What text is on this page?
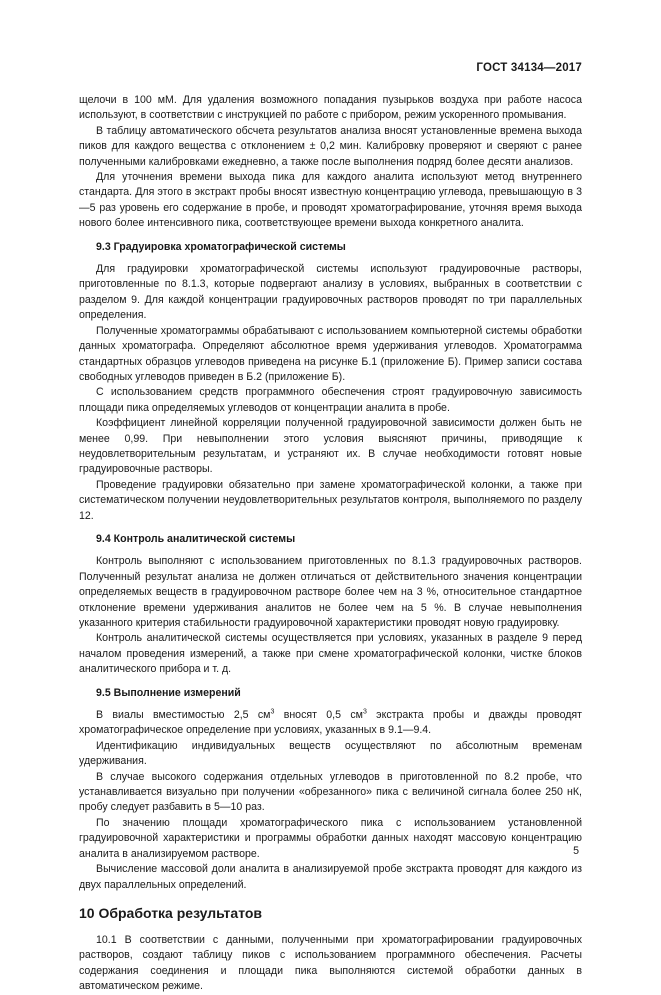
ГОСТ 34134—2017

щелочи в 100 мМ. Для удаления возможного попадания пузырьков воздуха при работе насоса используют, в соответствии с инструкцией по работе с прибором, режим ускоренного промывания.

В таблицу автоматического обсчета результатов анализа вносят установленные времена выхода пиков для каждого вещества с отклонением ± 0,2 мин. Калибровку проверяют и сверяют с ранее полученными калибровками ежедневно, а также после выполнения подряд более десяти анализов.

Для уточнения времени выхода пика для каждого аналита используют метод внутреннего стандарта. Для этого в экстракт пробы вносят известную концентрацию углевода, превышающую в 3—5 раз уровень его содержание в пробе, и проводят хроматографирование, уточняя время выхода нового более интенсивного пика, соответствующее времени выхода конкретного аналита.

9.3 Градуировка хроматографической системы

Для градуировки хроматографической системы используют градуировочные растворы, приготовленные по 8.1.3, которые подвергают анализу в условиях, выбранных в соответствии с разделом 9. Для каждой концентрации градуировочных растворов проводят по три параллельных определения.

Полученные хроматограммы обрабатывают с использованием компьютерной системы обработки данных хроматографа. Определяют абсолютное время удерживания углеводов. Хроматограмма стандартных образцов углеводов приведена на рисунке Б.1 (приложение Б). Пример записи состава свободных углеводов приведен в Б.2 (приложение Б).

С использованием средств программного обеспечения строят градуировочную зависимость площади пика определяемых углеводов от концентрации аналита в пробе.

Коэффициент линейной корреляции полученной градуировочной зависимости должен быть не менее 0,99. При невыполнении этого условия выясняют причины, приводящие к неудовлетворительным результатам, и устраняют их. В случае необходимости готовят новые градуировочные растворы.

Проведение градуировки обязательно при замене хроматографической колонки, а также при систематическом получении неудовлетворительных результатов контроля, выполняемого по разделу 12.

9.4 Контроль аналитической системы

Контроль выполняют с использованием приготовленных по 8.1.3 градуировочных растворов. Полученный результат анализа не должен отличаться от действительного значения концентрации определяемых веществ в градуировочном растворе более чем на 3 %, относительное стандартное отклонение времени удерживания аналитов не более чем на 5 %. В случае невыполнения указанного критерия стабильности градуировочной характеристики проводят новую градуировку.

Контроль аналитической системы осуществляется при условиях, указанных в разделе 9 перед началом проведения измерений, а также при смене хроматографической колонки, чистке блоков аналитического прибора и т. д.

9.5 Выполнение измерений

В виалы вместимостью 2,5 $см^3$ вносят 0,5 $см^3$ экстракта пробы и дважды проводят хроматографическое определение при условиях, указанных в 9.1—9.4.

Идентификацию индивидуальных веществ осуществляют по абсолютным временам удерживания.

В случае высокого содержания отдельных углеводов в приготовленной по 8.2 пробе, что устанавливается визуально при получении «обрезанного» пика с величиной сигнала более 250 нК, пробу следует разбавить в 5—10 раз.

По значению площади хроматографического пика с использованием установленной градуировочной характеристики и программы обработки данных находят массовую концентрацию аналита в анализируемом растворе.

Вычисление массовой доли аналита в анализируемой пробе экстракта проводят для каждого из двух параллельных определений.

10 Обработка результатов

10.1 В соответствии с данными, полученными при хроматографировании градуировочных растворов, создают таблицу пиков с использованием программного обеспечения. Расчеты содержания соединения и площади пика выполняются системой обработки данных в автоматическом режиме.

5
